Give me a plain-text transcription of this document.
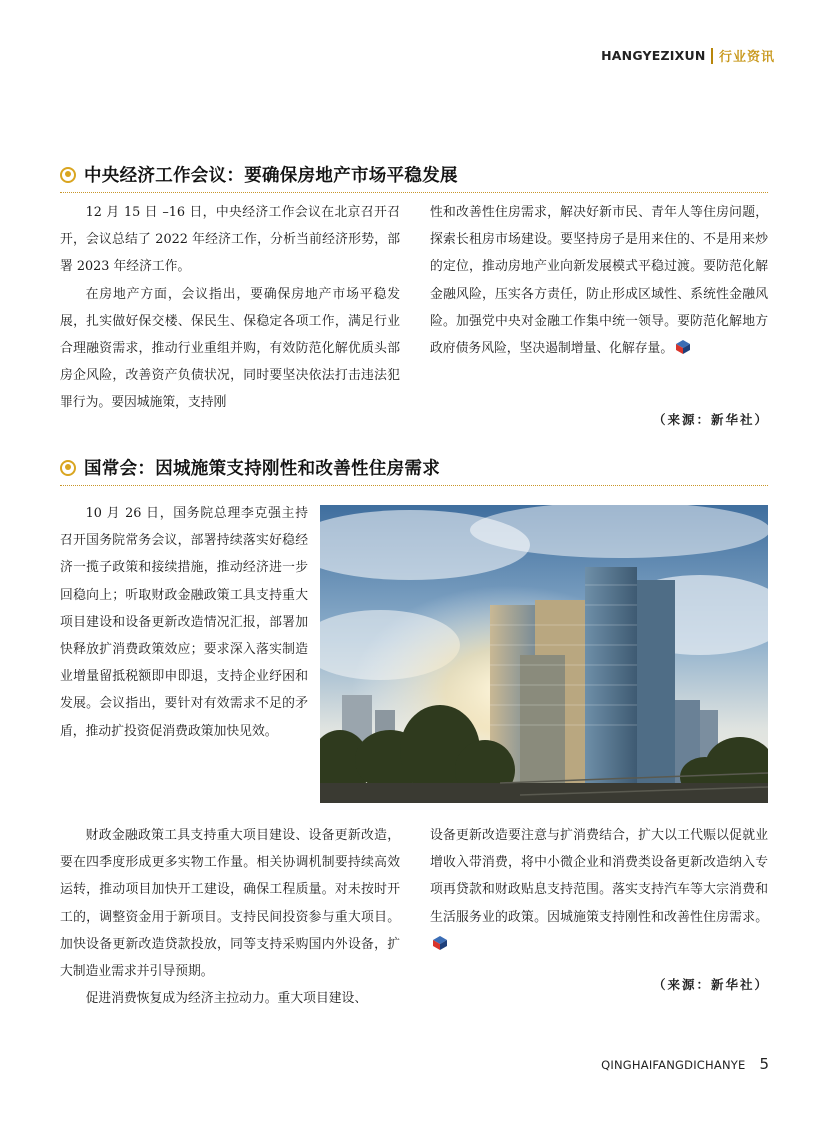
HANGYEZIXUN 行业资讯
中央经济工作会议：要确保房地产市场平稳发展

12 月 15 日 –16 日，中央经济工作会议在北京召开召开，会议总结了 2022 年经济工作，分析当前经济形势，部署 2023 年经济工作。

在房地产方面，会议指出，要确保房地产市场平稳发展，扎实做好保交楼、保民生、保稳定各项工作，满足行业合理融资需求，推动行业重组并购，有效防范化解优质头部房企风险，改善资产负债状况，同时要坚决依法打击违法犯罪行为。要因城施策，支持刚

性和改善性住房需求，解决好新市民、青年人等住房问题，探索长租房市场建设。要坚持房子是用来住的、不是用来炒的定位，推动房地产业向新发展模式平稳过渡。要防范化解金融风险，压实各方责任，防止形成区域性、系统性金融风险。加强党中央对金融工作集中统一领导。要防范化解地方政府债务风险，坚决遏制增量、化解存量。

（来源：新华社）
国常会：因城施策支持刚性和改善性住房需求

10 月 26 日，国务院总理李克强主持召开国务院常务会议，部署持续落实好稳经济一揽子政策和接续措施，推动经济进一步回稳向上；听取财政金融政策工具支持重大项目建设和设备更新改造情况汇报，部署加快释放扩消费政策效应；要求深入落实制造业增量留抵税额即申即退，支持企业纾困和发展。会议指出，要针对有效需求不足的矛盾，推动扩投资促消费政策加快见效。

财政金融政策工具支持重大项目建设、设备更新改造，要在四季度形成更多实物工作量。相关协调机制要持续高效运转，推动项目加快开工建设，确保工程质量。对未按时开工的，调整资金用于新项目。支持民间投资参与重大项目。加快设备更新改造贷款投放，同等支持采购国内外设备，扩大制造业需求并引导预期。

促进消费恢复成为经济主拉动力。重大项目建设、

设备更新改造要注意与扩消费结合，扩大以工代赈以促就业增收入带消费，将中小微企业和消费类设备更新改造纳入专项再贷款和财政贴息支持范围。落实支持汽车等大宗消费和生活服务业的政策。因城施策支持刚性和改善性住房需求。

（来源：新华社）
QINGHAIFANGDICHANYE 5
